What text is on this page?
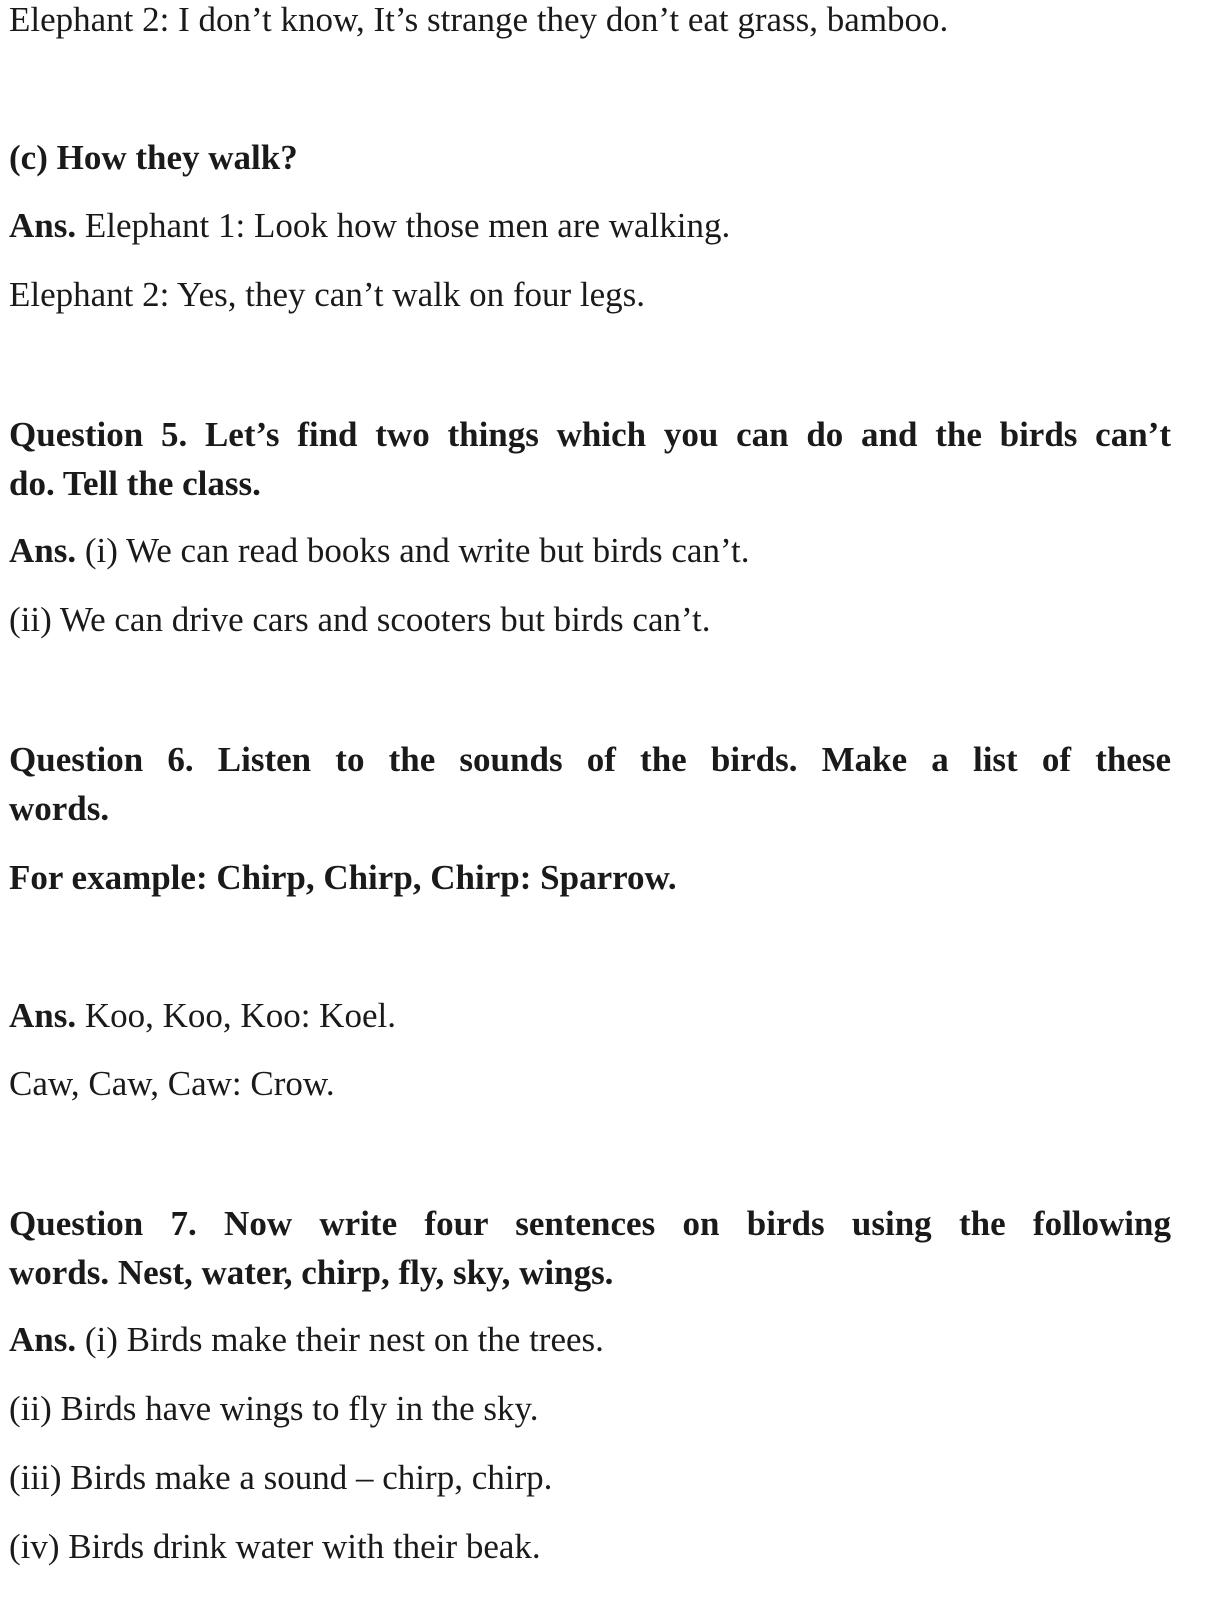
Elephant 2: I don’t know, It’s strange they don’t eat grass, bamboo.
(c) How they walk?
Ans. Elephant 1: Look how those men are walking.
Elephant 2: Yes, they can’t walk on four legs.
Question 5. Let’s find two things which you can do and the birds can’t
do. Tell the class.
Ans. (i) We can read books and write but birds can’t.
(ii) We can drive cars and scooters but birds can’t.
Question 6. Listen to the sounds of the birds. Make a list of these
words.
For example: Chirp, Chirp, Chirp: Sparrow.
Ans. Koo, Koo, Koo: Koel.
Caw, Caw, Caw: Crow.
Question 7. Now write four sentences on birds using the following
words. Nest, water, chirp, fly, sky, wings.
Ans. (i) Birds make their nest on the trees.
(ii) Birds have wings to fly in the sky.
(iii) Birds make a sound – chirp, chirp.
(iv) Birds drink water with their beak.
